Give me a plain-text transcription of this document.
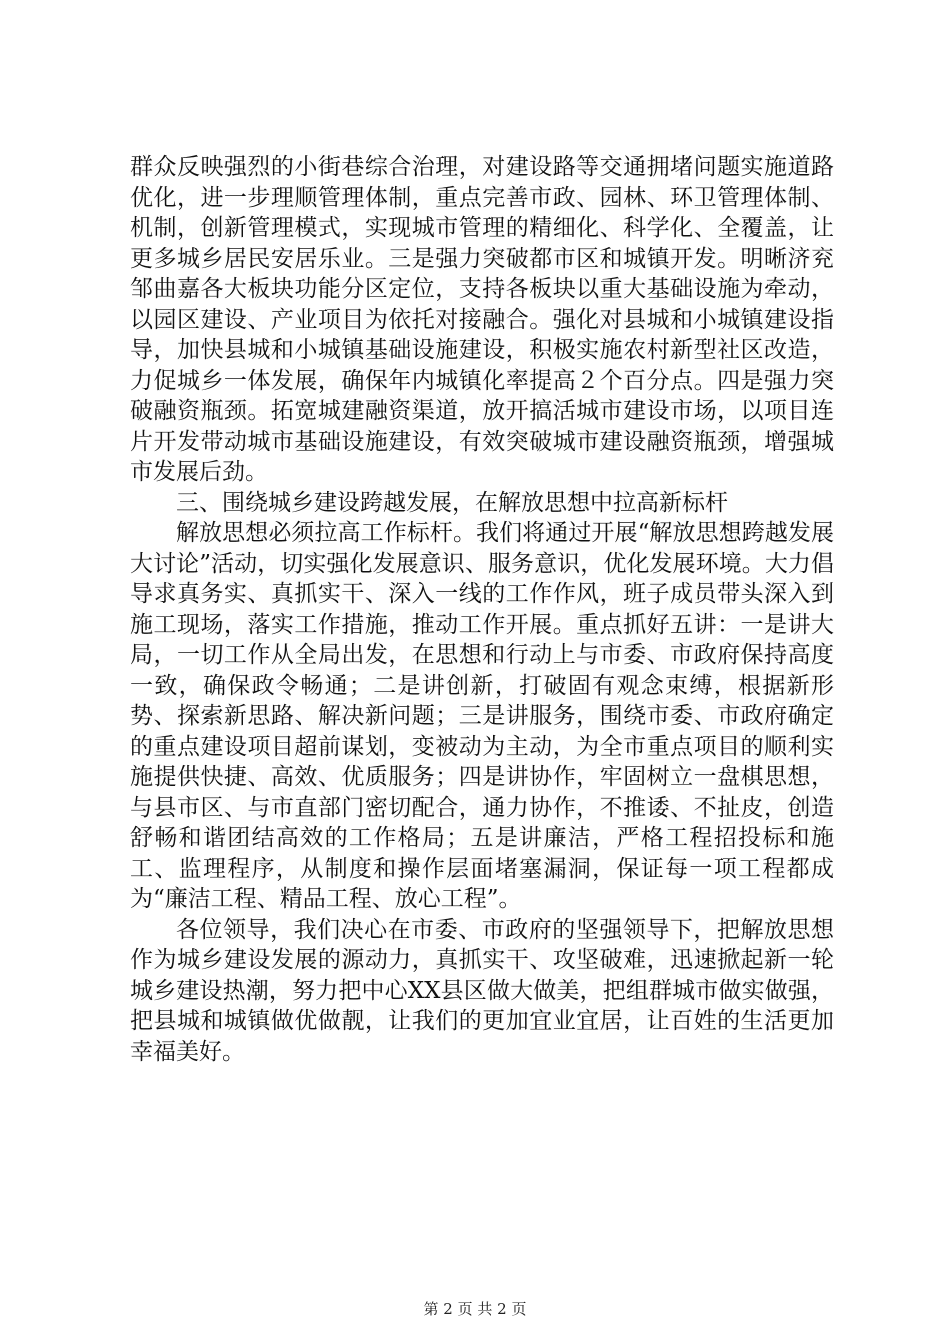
群众反映强烈的小街巷综合治理，对建设路等交通拥堵问题实施道路优化，进一步理顺管理体制，重点完善市政、园林、环卫管理体制、机制，创新管理模式，实现城市管理的精细化、科学化、全覆盖，让更多城乡居民安居乐业。三是强力突破都市区和城镇开发。明晰济兖邹曲嘉各大板块功能分区定位，支持各板块以重大基础设施为牵动，以园区建设、产业项目为依托对接融合。强化对县城和小城镇建设指导，加快县城和小城镇基础设施建设，积极实施农村新型社区改造，力促城乡一体发展，确保年内城镇化率提高２个百分点。四是强力突破融资瓶颈。拓宽城建融资渠道，放开搞活城市建设市场，以项目连片开发带动城市基础设施建设，有效突破城市建设融资瓶颈，增强城市发展后劲。

三、围绕城乡建设跨越发展，在解放思想中拉高新标杆

解放思想必须拉高工作标杆。我们将通过开展“解放思想跨越发展大讨论”活动，切实强化发展意识、服务意识，优化发展环境。大力倡导求真务实、真抓实干、深入一线的工作作风，班子成员带头深入到施工现场，落实工作措施，推动工作开展。重点抓好五讲：一是讲大局，一切工作从全局出发，在思想和行动上与市委、市政府保持高度一致，确保政令畅通；二是讲创新，打破固有观念束缚，根据新形势、探索新思路、解决新问题；三是讲服务，围绕市委、市政府确定的重点建设项目超前谋划，变被动为主动，为全市重点项目的顺利实施提供快捷、高效、优质服务；四是讲协作，牢固树立一盘棋思想，与县市区、与市直部门密切配合，通力协作，不推诿、不扯皮，创造舒畅和谐团结高效的工作格局；五是讲廉洁，严格工程招投标和施工、监理程序，从制度和操作层面堵塞漏洞，保证每一项工程都成为“廉洁工程、精品工程、放心工程”。

各位领导，我们决心在市委、市政府的坚强领导下，把解放思想作为城乡建设发展的源动力，真抓实干、攻坚破难，迅速掀起新一轮城乡建设热潮，努力把中心XX县区做大做美，把组群城市做实做强，把县城和城镇做优做靓，让我们的更加宜业宜居，让百姓的生活更加幸福美好。

第 2 页 共 2 页
